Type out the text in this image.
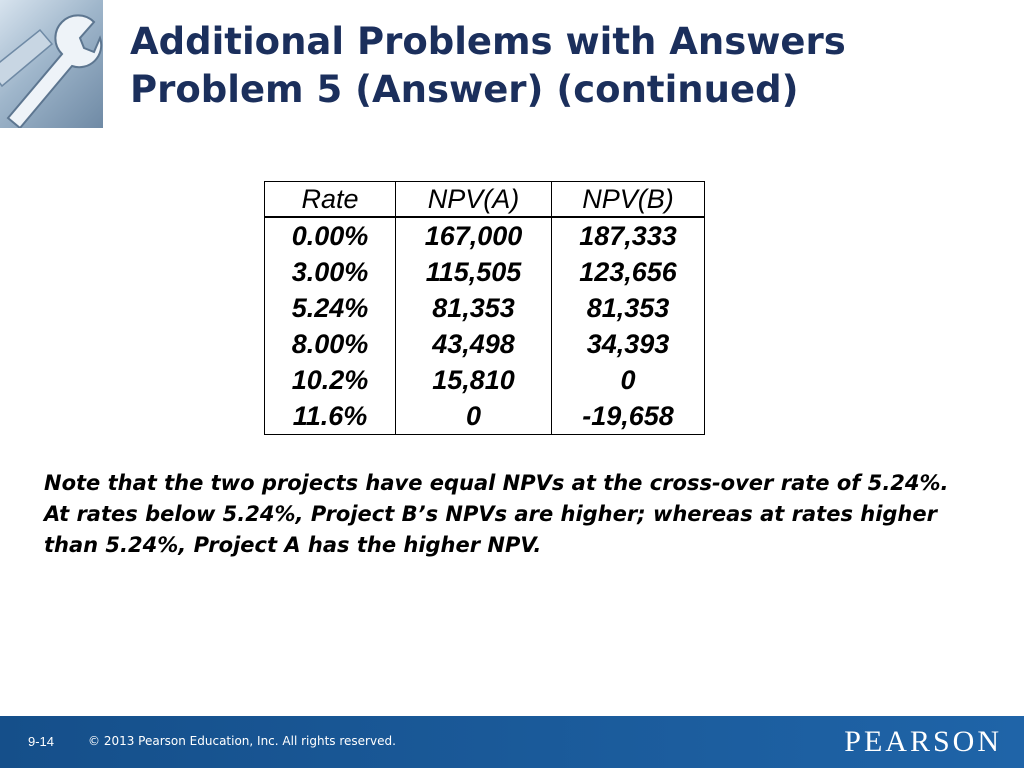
Additional Problems with Answers
Problem 5 (Answer) (continued)
Rate	NPV(A)	NPV(B)
0.00%	167,000	187,333
3.00%	115,505	123,656
5.24%	81,353	81,353
8.00%	43,498	34,393
10.2%	15,810	0
11.6%	0	-19,658

Note that the two projects have equal NPVs at the cross-over rate of 5.24%. At rates below 5.24%, Project B’s NPVs are higher; whereas at rates higher than 5.24%, Project A has the higher NPV.

9-14	© 2013 Pearson Education, Inc. All rights reserved.	PEARSON
